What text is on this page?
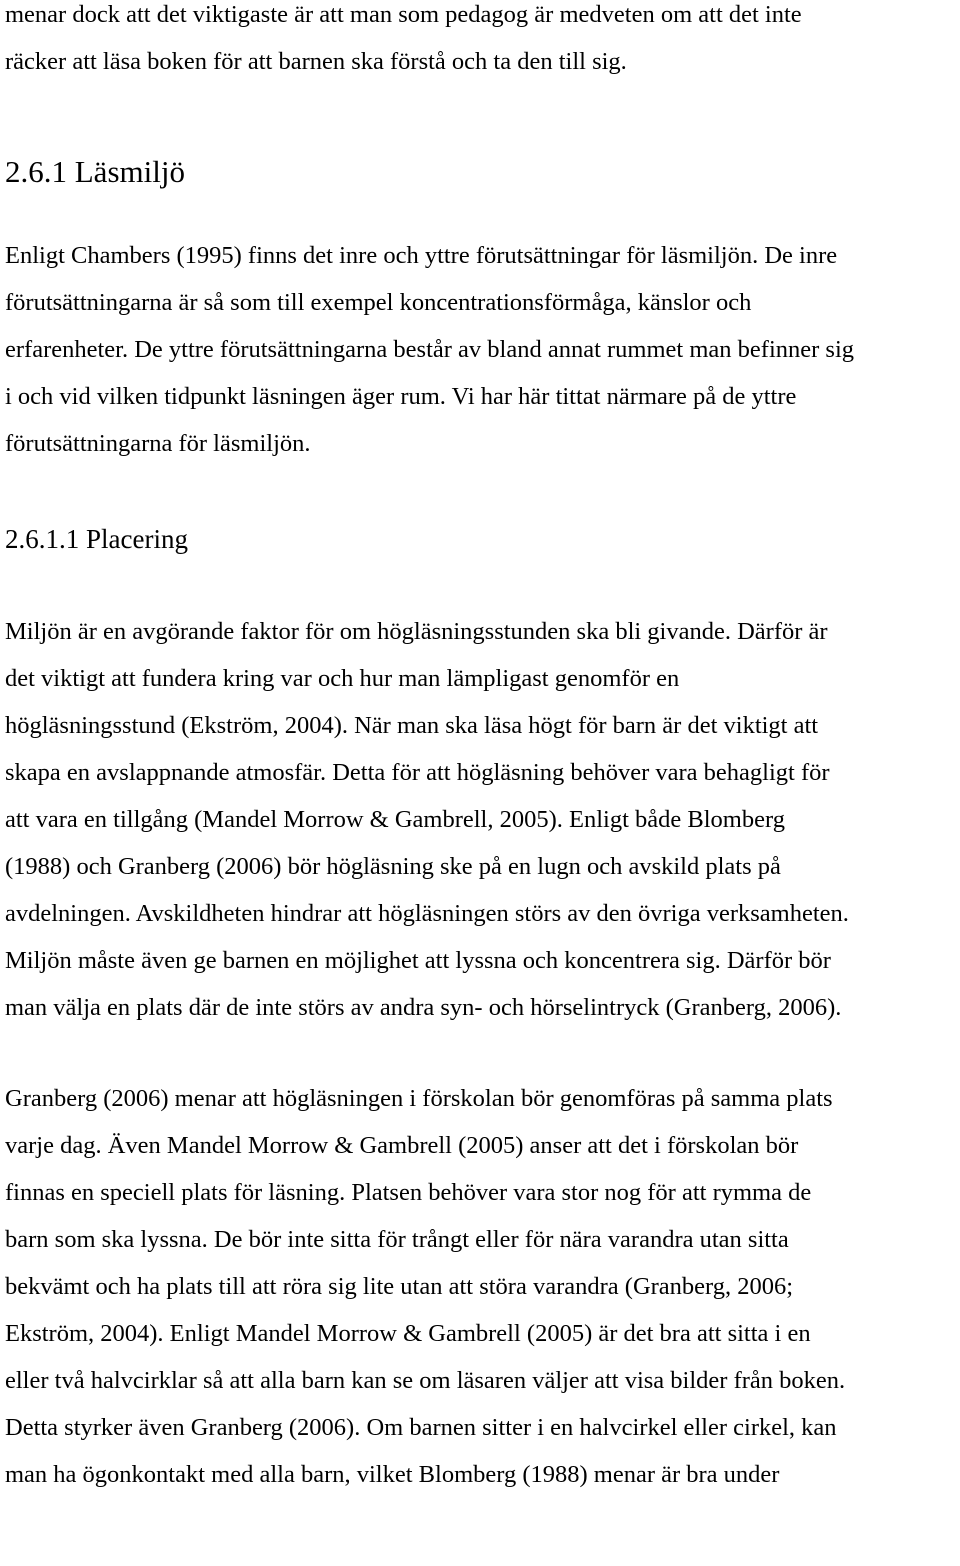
menar dock att det viktigaste är att man som pedagog är medveten om att det inte
räcker att läsa boken för att barnen ska förstå och ta den till sig.
2.6.1 Läsmiljö
Enligt Chambers (1995) finns det inre och yttre förutsättningar för läsmiljön. De inre
förutsättningarna är så som till exempel koncentrationsförmåga, känslor och
erfarenheter. De yttre förutsättningarna består av bland annat rummet man befinner sig
i och vid vilken tidpunkt läsningen äger rum. Vi har här tittat närmare på de yttre
förutsättningarna för läsmiljön.
2.6.1.1 Placering
Miljön är en avgörande faktor för om högläsningsstunden ska bli givande. Därför är
det viktigt att fundera kring var och hur man lämpligast genomför en
högläsningsstund (Ekström, 2004). När man ska läsa högt för barn är det viktigt att
skapa en avslappnande atmosfär. Detta för att högläsning behöver vara behagligt för
att vara en tillgång (Mandel Morrow & Gambrell, 2005). Enligt både Blomberg
(1988) och Granberg (2006) bör högläsning ske på en lugn och avskild plats på
avdelningen. Avskildheten hindrar att högläsningen störs av den övriga verksamheten.
Miljön måste även ge barnen en möjlighet att lyssna och koncentrera sig. Därför bör
man välja en plats där de inte störs av andra syn- och hörselintryck (Granberg, 2006).
Granberg (2006) menar att högläsningen i förskolan bör genomföras på samma plats
varje dag. Även Mandel Morrow & Gambrell (2005) anser att det i förskolan bör
finnas en speciell plats för läsning. Platsen behöver vara stor nog för att rymma de
barn som ska lyssna. De bör inte sitta för trångt eller för nära varandra utan sitta
bekvämt och ha plats till att röra sig lite utan att störa varandra (Granberg, 2006;
Ekström, 2004). Enligt Mandel Morrow & Gambrell (2005) är det bra att sitta i en
eller två halvcirklar så att alla barn kan se om läsaren väljer att visa bilder från boken.
Detta styrker även Granberg (2006). Om barnen sitter i en halvcirkel eller cirkel, kan
man ha ögonkontakt med alla barn, vilket Blomberg (1988) menar är bra under
